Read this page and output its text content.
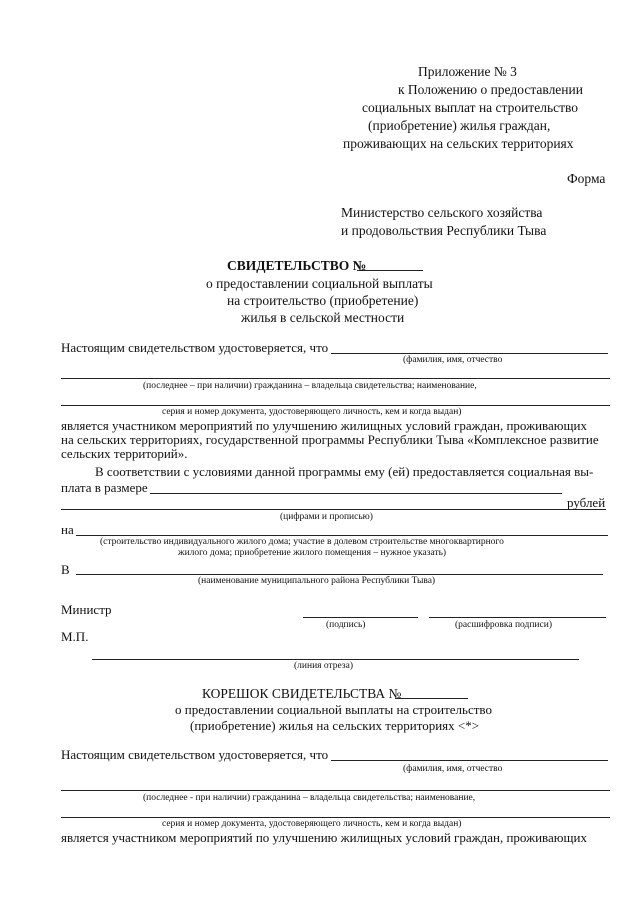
Приложение № 3
к Положению о предоставлении
социальных выплат на строительство
(приобретение) жилья граждан,
проживающих на сельских территориях
Форма
Министерство сельского хозяйства
и продовольствия Республики Тыва
СВИДЕТЕЛЬСТВО №
о предоставлении социальной выплаты
на строительство (приобретение)
жилья в сельской местности
Настоящим свидетельством удостоверяется, что
(фамилия, имя, отчество
(последнее – при наличии) гражданина – владельца свидетельства; наименование,
серия и номер документа, удостоверяющего личность, кем и когда выдан)
является участником мероприятий по улучшению жилищных условий граждан, проживающих
на сельских территориях, государственной программы Республики Тыва «Комплексное развитие
сельских территорий».
В соответствии с условиями данной программы ему (ей) предоставляется социальная вы-
плата в размере
рублей
(цифрами и прописью)
на
(строительство индивидуального жилого дома; участие в долевом строительстве многоквартирного
жилого дома; приобретение жилого помещения – нужное указать)
В
(наименование муниципального района Республики Тыва)
Министр
(подпись)	(расшифровка подписи)
М.П.
(линия отреза)
КОРЕШОК СВИДЕТЕЛЬСТВА №
о предоставлении социальной выплаты на строительство
(приобретение) жилья на сельских территориях <*>
Настоящим свидетельством удостоверяется, что
(фамилия, имя, отчество
(последнее - при наличии) гражданина – владельца свидетельства; наименование,
серия и номер документа, удостоверяющего личность, кем и когда выдан)
является участником мероприятий по улучшению жилищных условий граждан, проживающих
